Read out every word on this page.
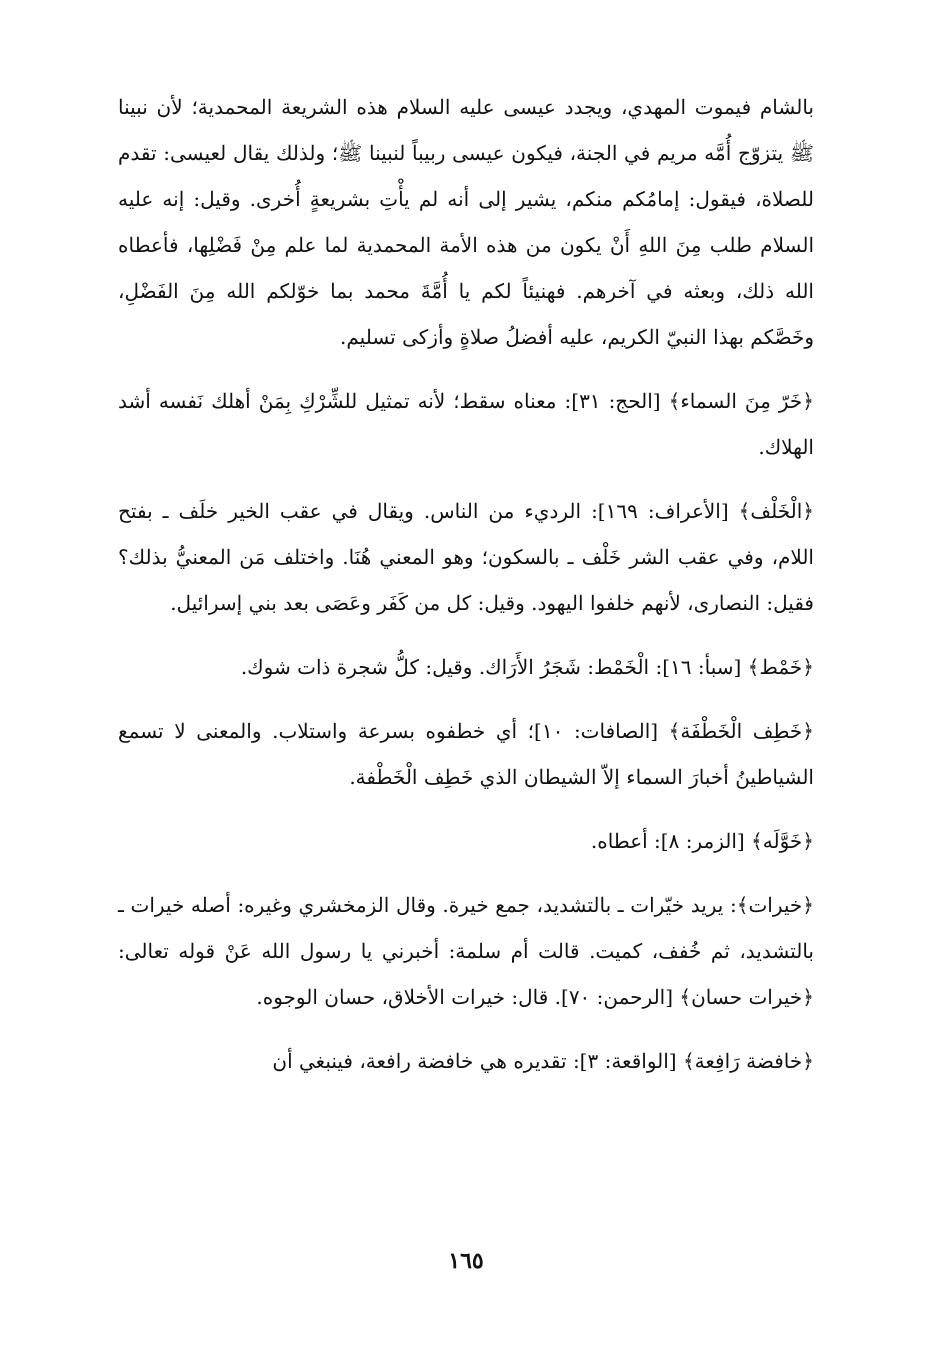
بالشام فيموت المهدي، ويجدد عيسى عليه السلام هذه الشريعة المحمدية؛ لأن نبينا ﷺ يتزوّج أُمَّه مريم في الجنة، فيكون عيسى ربيباً لنبينا ﷺ؛ ولذلك يقال لعيسى: تقدم للصلاة، فيقول: إمامُكم منكم، يشير إلى أنه لم يأْتِ بشريعةٍ أُخرى. وقيل: إنه عليه السلام طلب مِنَ اللهِ أَنْ يكون من هذه الأمة المحمدية لما علم مِنْ فَضْلِها، فأعطاه الله ذلك، وبعثه في آخرهم. فهنيئاً لكم يا أُمَّةَ محمد بما خوّلكم الله مِنَ الفَضْلِ، وخَصَّكم بهذا النبيّ الكريم، عليه أفضلُ صلاةٍ وأزكى تسليم.

﴿خَرّ مِنَ السماء﴾ [الحج: ٣١]: معناه سقط؛ لأنه تمثيل للشِّرْكِ بِمَنْ أهلك نَفسه أشد الهلاك.

﴿الْخَلْف﴾ [الأعراف: ١٦٩]: الرديء من الناس. ويقال في عقب الخير خلَف ـ بفتح اللام، وفي عقب الشر خَلْف ـ بالسكون؛ وهو المعني هُنَا. واختلف مَن المعنيُّ بذلك؟ فقيل: النصارى، لأنهم خلفوا اليهود. وقيل: كل من كَفَر وعَصَى بعد بني إسرائيل.

﴿خَمْط﴾ [سبأ: ١٦]: الْخَمْط: شَجَرُ الأَرَاك. وقيل: كلُّ شجرة ذات شوك.

﴿خَطِف الْخَطْفَة﴾ [الصافات: ١٠]؛ أي خطفوه بسرعة واستلاب. والمعنى لا تسمع الشياطينُ أخبارَ السماء إلاّ الشيطان الذي خَطِف الْخَطْفة.

﴿خَوَّلَه﴾ [الزمر: ٨]: أعطاه.

﴿خيرات﴾: يريد خيّرات ـ بالتشديد، جمع خيرة. وقال الزمخشري وغيره: أصله خيرات ـ بالتشديد، ثم خُفف، كميت. قالت أم سلمة: أخبرني يا رسول الله عَنْ قوله تعالى: ﴿خيرات حسان﴾ [الرحمن: ٧٠]. قال: خيرات الأخلاق، حسان الوجوه.

﴿خافضة رَافِعة﴾ [الواقعة: ٣]: تقديره هي خافضة رافعة، فينبغي أن

١٦٥
